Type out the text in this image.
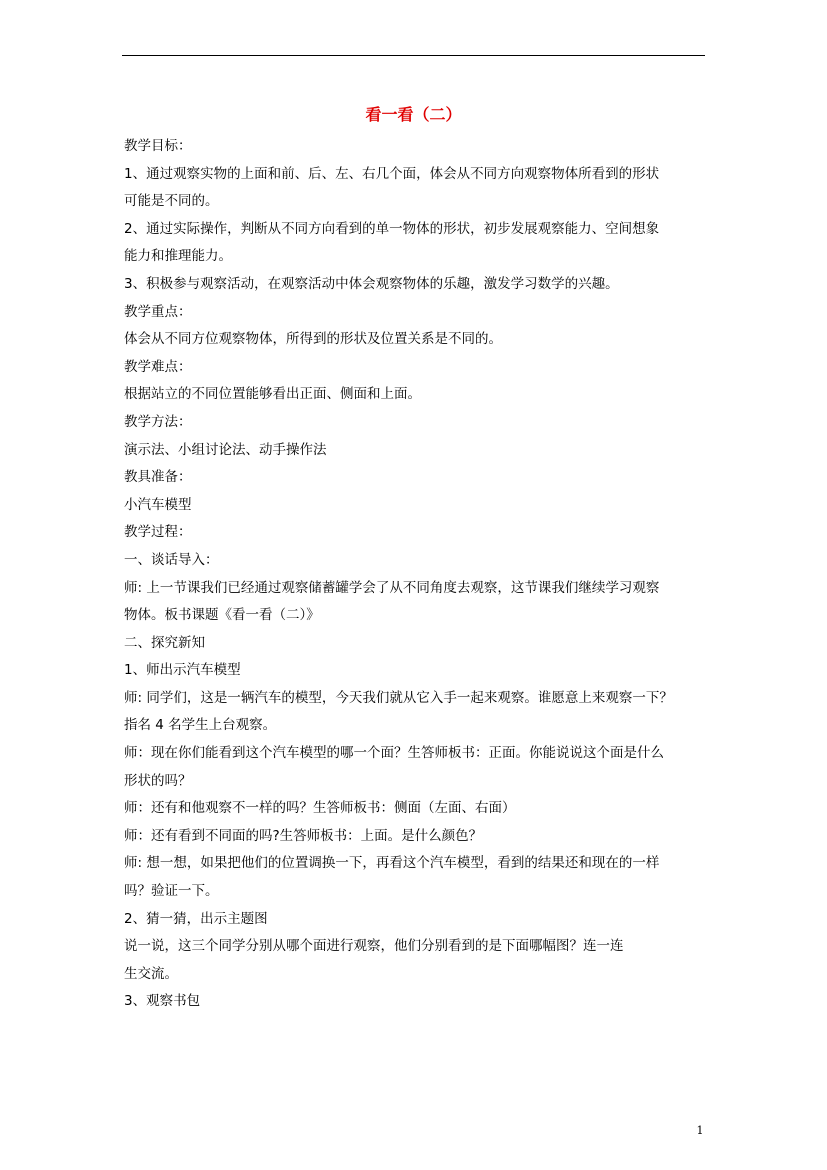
看一看（二）
教学目标：
1、通过观察实物的上面和前、后、左、右几个面，体会从不同方向观察物体所看到的形状
可能是不同的。
2、通过实际操作，判断从不同方向看到的单一物体的形状，初步发展观察能力、空间想象
能力和推理能力。
3、积极参与观察活动，在观察活动中体会观察物体的乐趣，激发学习数学的兴趣。
教学重点：
体会从不同方位观察物体，所得到的形状及位置关系是不同的。
教学难点：
根据站立的不同位置能够看出正面、侧面和上面。
教学方法：
演示法、小组讨论法、动手操作法
教具准备：
小汽车模型
教学过程：
一、谈话导入：
师: 上一节课我们已经通过观察储蓄罐学会了从不同角度去观察，这节课我们继续学习观察
物体。板书课题《看一看（二）》
二、探究新知
1、师出示汽车模型
师: 同学们，这是一辆汽车的模型，今天我们就从它入手一起来观察。谁愿意上来观察一下？
指名 4 名学生上台观察。
师：现在你们能看到这个汽车模型的哪一个面？生答师板书：正面。你能说说这个面是什么
形状的吗？
师：还有和他观察不一样的吗？生答师板书：侧面（左面、右面）
师：还有看到不同面的吗?生答师板书：上面。是什么颜色？
师: 想一想，如果把他们的位置调换一下，再看这个汽车模型，看到的结果还和现在的一样
吗？验证一下。
2、猜一猜，出示主题图
说一说，这三个同学分别从哪个面进行观察，他们分别看到的是下面哪幅图？连一连
生交流。
3、观察书包
1
